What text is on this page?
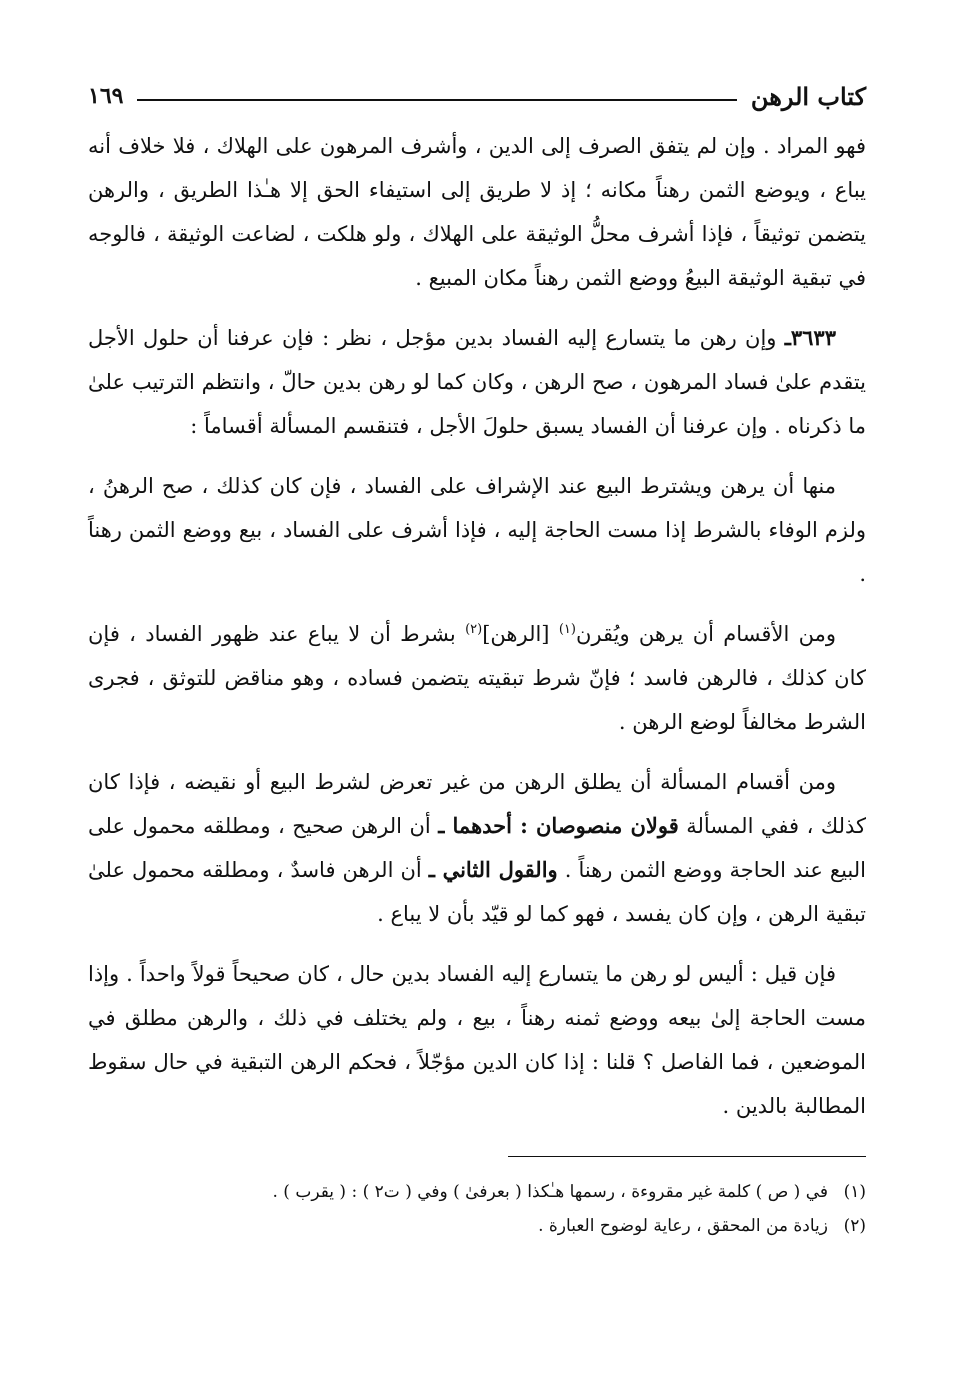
كتاب الرهن
١٦٩

فهو المراد . وإن لم يتفق الصرف إلى الدين ، وأشرف المرهون على الهلاك ، فلا خلاف أنه يباع ، ويوضع الثمن رهناً مكانه ؛ إذ لا طريق إلى استيفاء الحق إلا هـٰذا الطريق ، والرهن يتضمن توثيقاً ، فإذا أشرف محلُّ الوثيقة على الهلاك ، ولو هلكت ، لضاعت الوثيقة ، فالوجه في تبقية الوثيقة البيعُ ووضع الثمن رهناً مكان المبيع .

٣٦٣٣ـ وإن رهن ما يتسارع إليه الفساد بدين مؤجل ، نظر : فإن عرفنا أن حلول الأجل يتقدم علىٰ فساد المرهون ، صح الرهن ، وكان كما لو رهن بدين حالّ ، وانتظم الترتيب علىٰ ما ذكرناه . وإن عرفنا أن الفساد يسبق حلولَ الأجل ، فتنقسم المسألة أقساماً :

منها أن يرهن ويشترط البيع عند الإشراف على الفساد ، فإن كان كذلك ، صح الرهنُ ، ولزم الوفاء بالشرط إذا مست الحاجة إليه ، فإذا أشرف على الفساد ، بيع ووضع الثمن رهناً .

ومن الأقسام أن يرهن ويُقرن$^{(١)}$ [الرهن]$^{(٢)}$ بشرط أن لا يباع عند ظهور الفساد ، فإن كان كذلك ، فالرهن فاسد ؛ فإنّ شرط تبقيته يتضمن فساده ، وهو مناقض للتوثق ، فجرى الشرط مخالفاً لوضع الرهن .

ومن أقسام المسألة أن يطلق الرهن من غير تعرض لشرط البيع أو نقيضه ، فإذا كان كذلك ، ففي المسألة قولان منصوصان : أحدهما ـ أن الرهن صحيح ، ومطلقه محمول على البيع عند الحاجة ووضع الثمن رهناً . والقول الثاني ـ أن الرهن فاسدٌ ، ومطلقه محمول علىٰ تبقية الرهن ، وإن كان يفسد ، فهو كما لو قيّد بأن لا يباع .

فإن قيل : أليس لو رهن ما يتسارع إليه الفساد بدين حال ، كان صحيحاً قولاً واحداً . وإذا مست الحاجة إلىٰ بيعه ووضع ثمنه رهناً ، بيع ، ولم يختلف في ذلك ، والرهن مطلق في الموضعين ، فما الفاصل ؟ قلنا : إذا كان الدين مؤجّلاً ، فحكم الرهن التبقية في حال سقوط المطالبة بالدين .

(١)في ( ص ) كلمة غير مقروءة ، رسمها هـٰكذا ( بعرفىٰ ) وفي ( ت٢ ) : ( يقرب ) .

(٢)زيادة من المحقق ، رعاية لوضوح العبارة .
